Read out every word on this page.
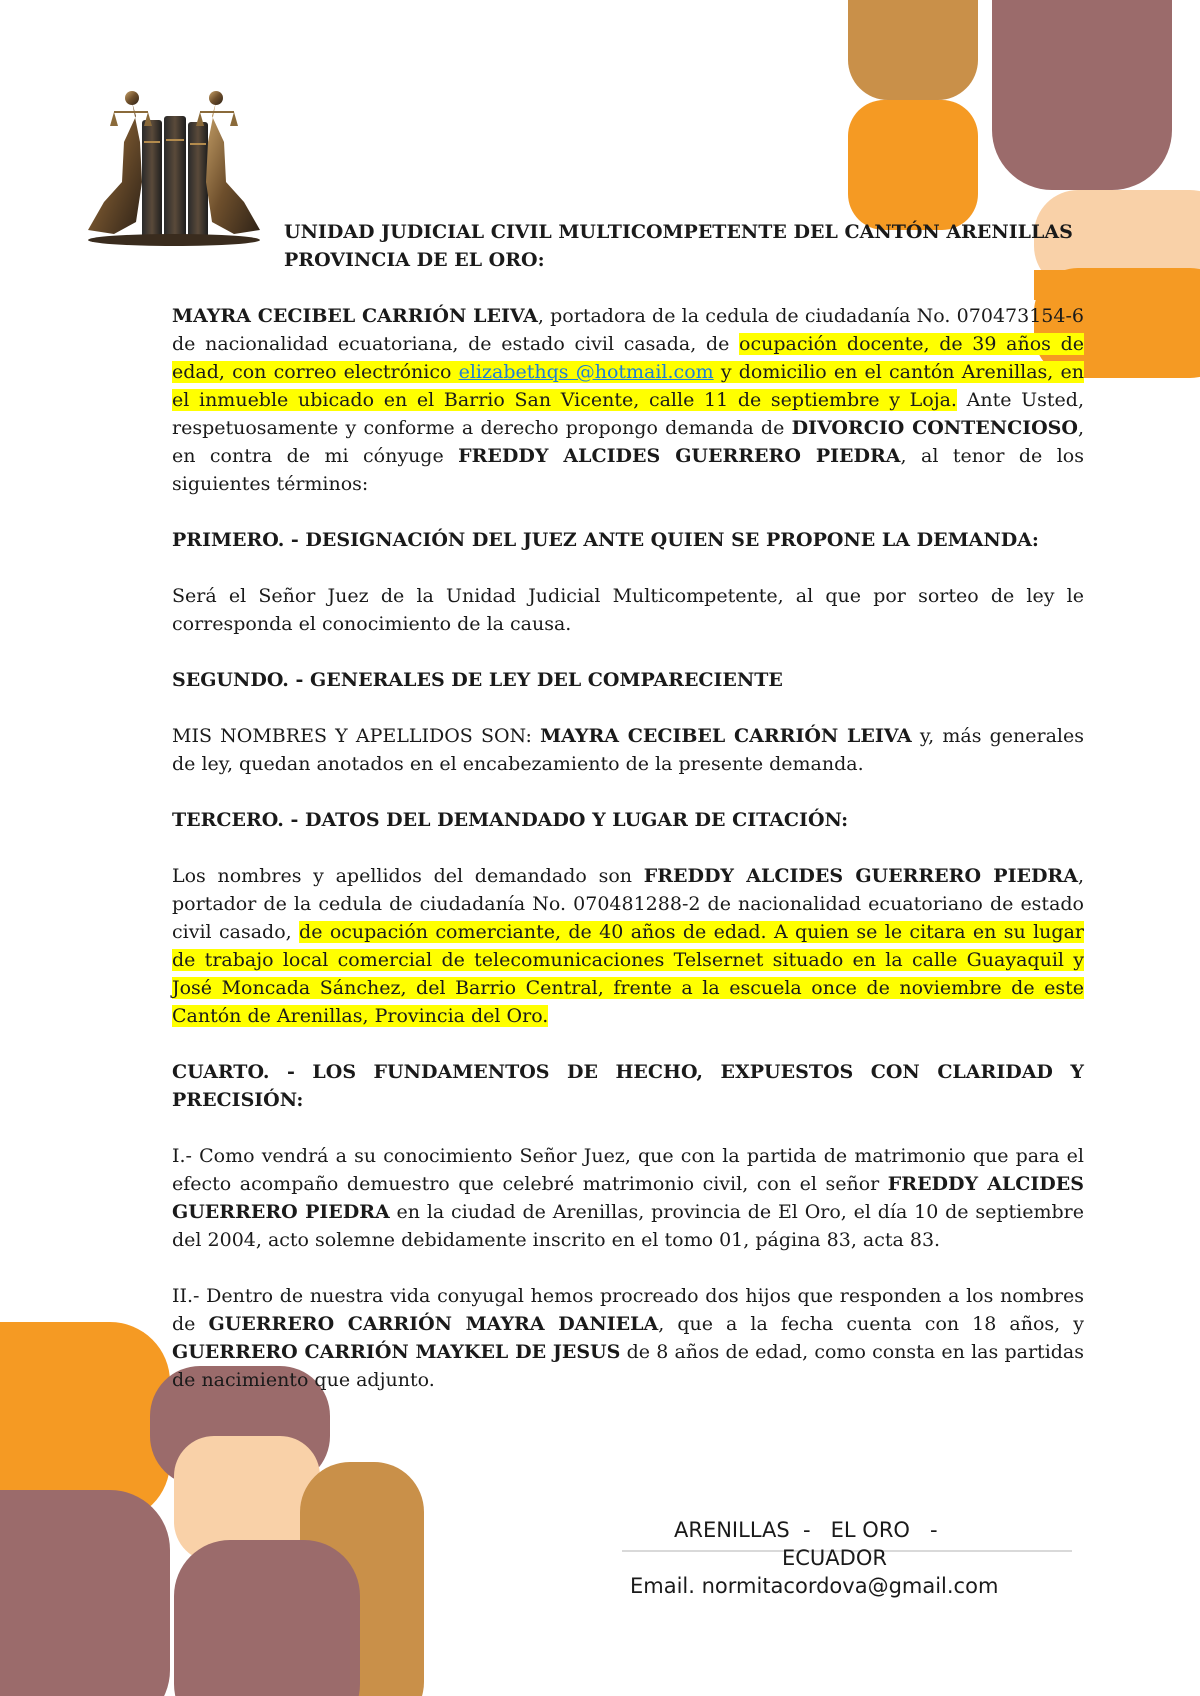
UNIDAD JUDICIAL CIVIL MULTICOMPETENTE DEL CANTÓN ARENILLAS
PROVINCIA DE EL ORO:

MAYRA CECIBEL CARRIÓN LEIVA, portadora de la cedula de ciudadanía No. 070473154-6 de nacionalidad ecuatoriana, de estado civil casada, de ocupación docente, de 39 años de edad, con correo electrónico elizabethqs @hotmail.com y domicilio en el cantón Arenillas, en el inmueble ubicado en el Barrio San Vicente, calle 11 de septiembre y Loja. Ante Usted, respetuosamente y conforme a derecho propongo demanda de DIVORCIO CONTENCIOSO, en contra de mi cónyuge FREDDY ALCIDES GUERRERO PIEDRA, al tenor de los siguientes términos:

PRIMERO. - DESIGNACIÓN DEL JUEZ ANTE QUIEN SE PROPONE LA DEMANDA:

Será el Señor Juez de la Unidad Judicial Multicompetente, al que por sorteo de ley le corresponda el conocimiento de la causa.

SEGUNDO. - GENERALES DE LEY DEL COMPARECIENTE

MIS NOMBRES Y APELLIDOS SON: MAYRA CECIBEL CARRIÓN LEIVA y, más generales de ley, quedan anotados en el encabezamiento de la presente demanda.

TERCERO. - DATOS DEL DEMANDADO Y LUGAR DE CITACIÓN:

Los nombres y apellidos del demandado son FREDDY ALCIDES GUERRERO PIEDRA, portador de la cedula de ciudadanía No. 070481288-2 de nacionalidad ecuatoriano de estado civil casado, de ocupación comerciante, de 40 años de edad. A quien se le citara en su lugar de trabajo local comercial de telecomunicaciones Telsernet situado en la calle Guayaquil y José Moncada Sánchez, del Barrio Central, frente a la escuela once de noviembre de este Cantón de Arenillas, Provincia del Oro.

CUARTO. - LOS FUNDAMENTOS DE HECHO, EXPUESTOS CON CLARIDAD Y PRECISIÓN:

I.- Como vendrá a su conocimiento Señor Juez, que con la partida de matrimonio que para el efecto acompaño demuestro que celebré matrimonio civil, con el señor FREDDY ALCIDES GUERRERO PIEDRA en la ciudad de Arenillas, provincia de El Oro, el día 10 de septiembre del 2004, acto solemne debidamente inscrito en el tomo 01, página 83, acta 83.

II.- Dentro de nuestra vida conyugal hemos procreado dos hijos que responden a los nombres de GUERRERO CARRIÓN MAYRA DANIELA, que a la fecha cuenta con 18 años, y GUERRERO CARRIÓN MAYKEL DE JESUS de 8 años de edad, como consta en las partidas de nacimiento que adjunto.

ARENILLAS  -   EL ORO   -
ECUADOR
Email. normitacordova@gmail.com
